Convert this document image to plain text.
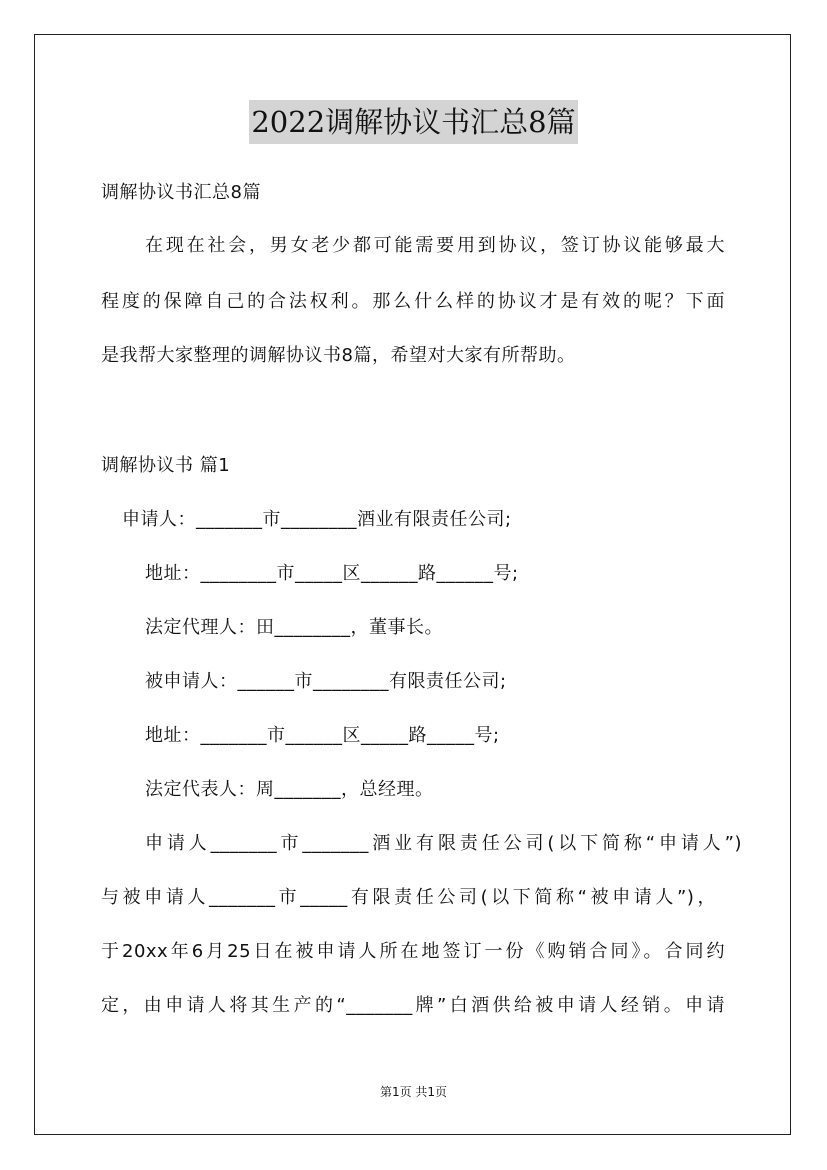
2022调解协议书汇总8篇
调解协议书汇总8篇
在现在社会，男女老少都可能需要用到协议，签订协议能够最大
程度的保障自己的合法权利。那么什么样的协议才是有效的呢？下面
是我帮大家整理的调解协议书8篇，希望对大家有所帮助。
调解协议书 篇1
申请人：_______市________酒业有限责任公司;
地址：________市_____区______路______号;
法定代理人：田________，董事长。
被申请人：______市________有限责任公司;
地址：_______市______区_____路_____号;
法定代表人：周_______，总经理。
申请人_______市_______酒业有限责任公司(以下简称“申请人”)
与被申请人_______市_____有限责任公司(以下简称“被申请人”)，
于20xx年6月25日在被申请人所在地签订一份《购销合同》。合同约
定，由申请人将其生产的“_______牌”白酒供给被申请人经销。申请
第1页 共1页
